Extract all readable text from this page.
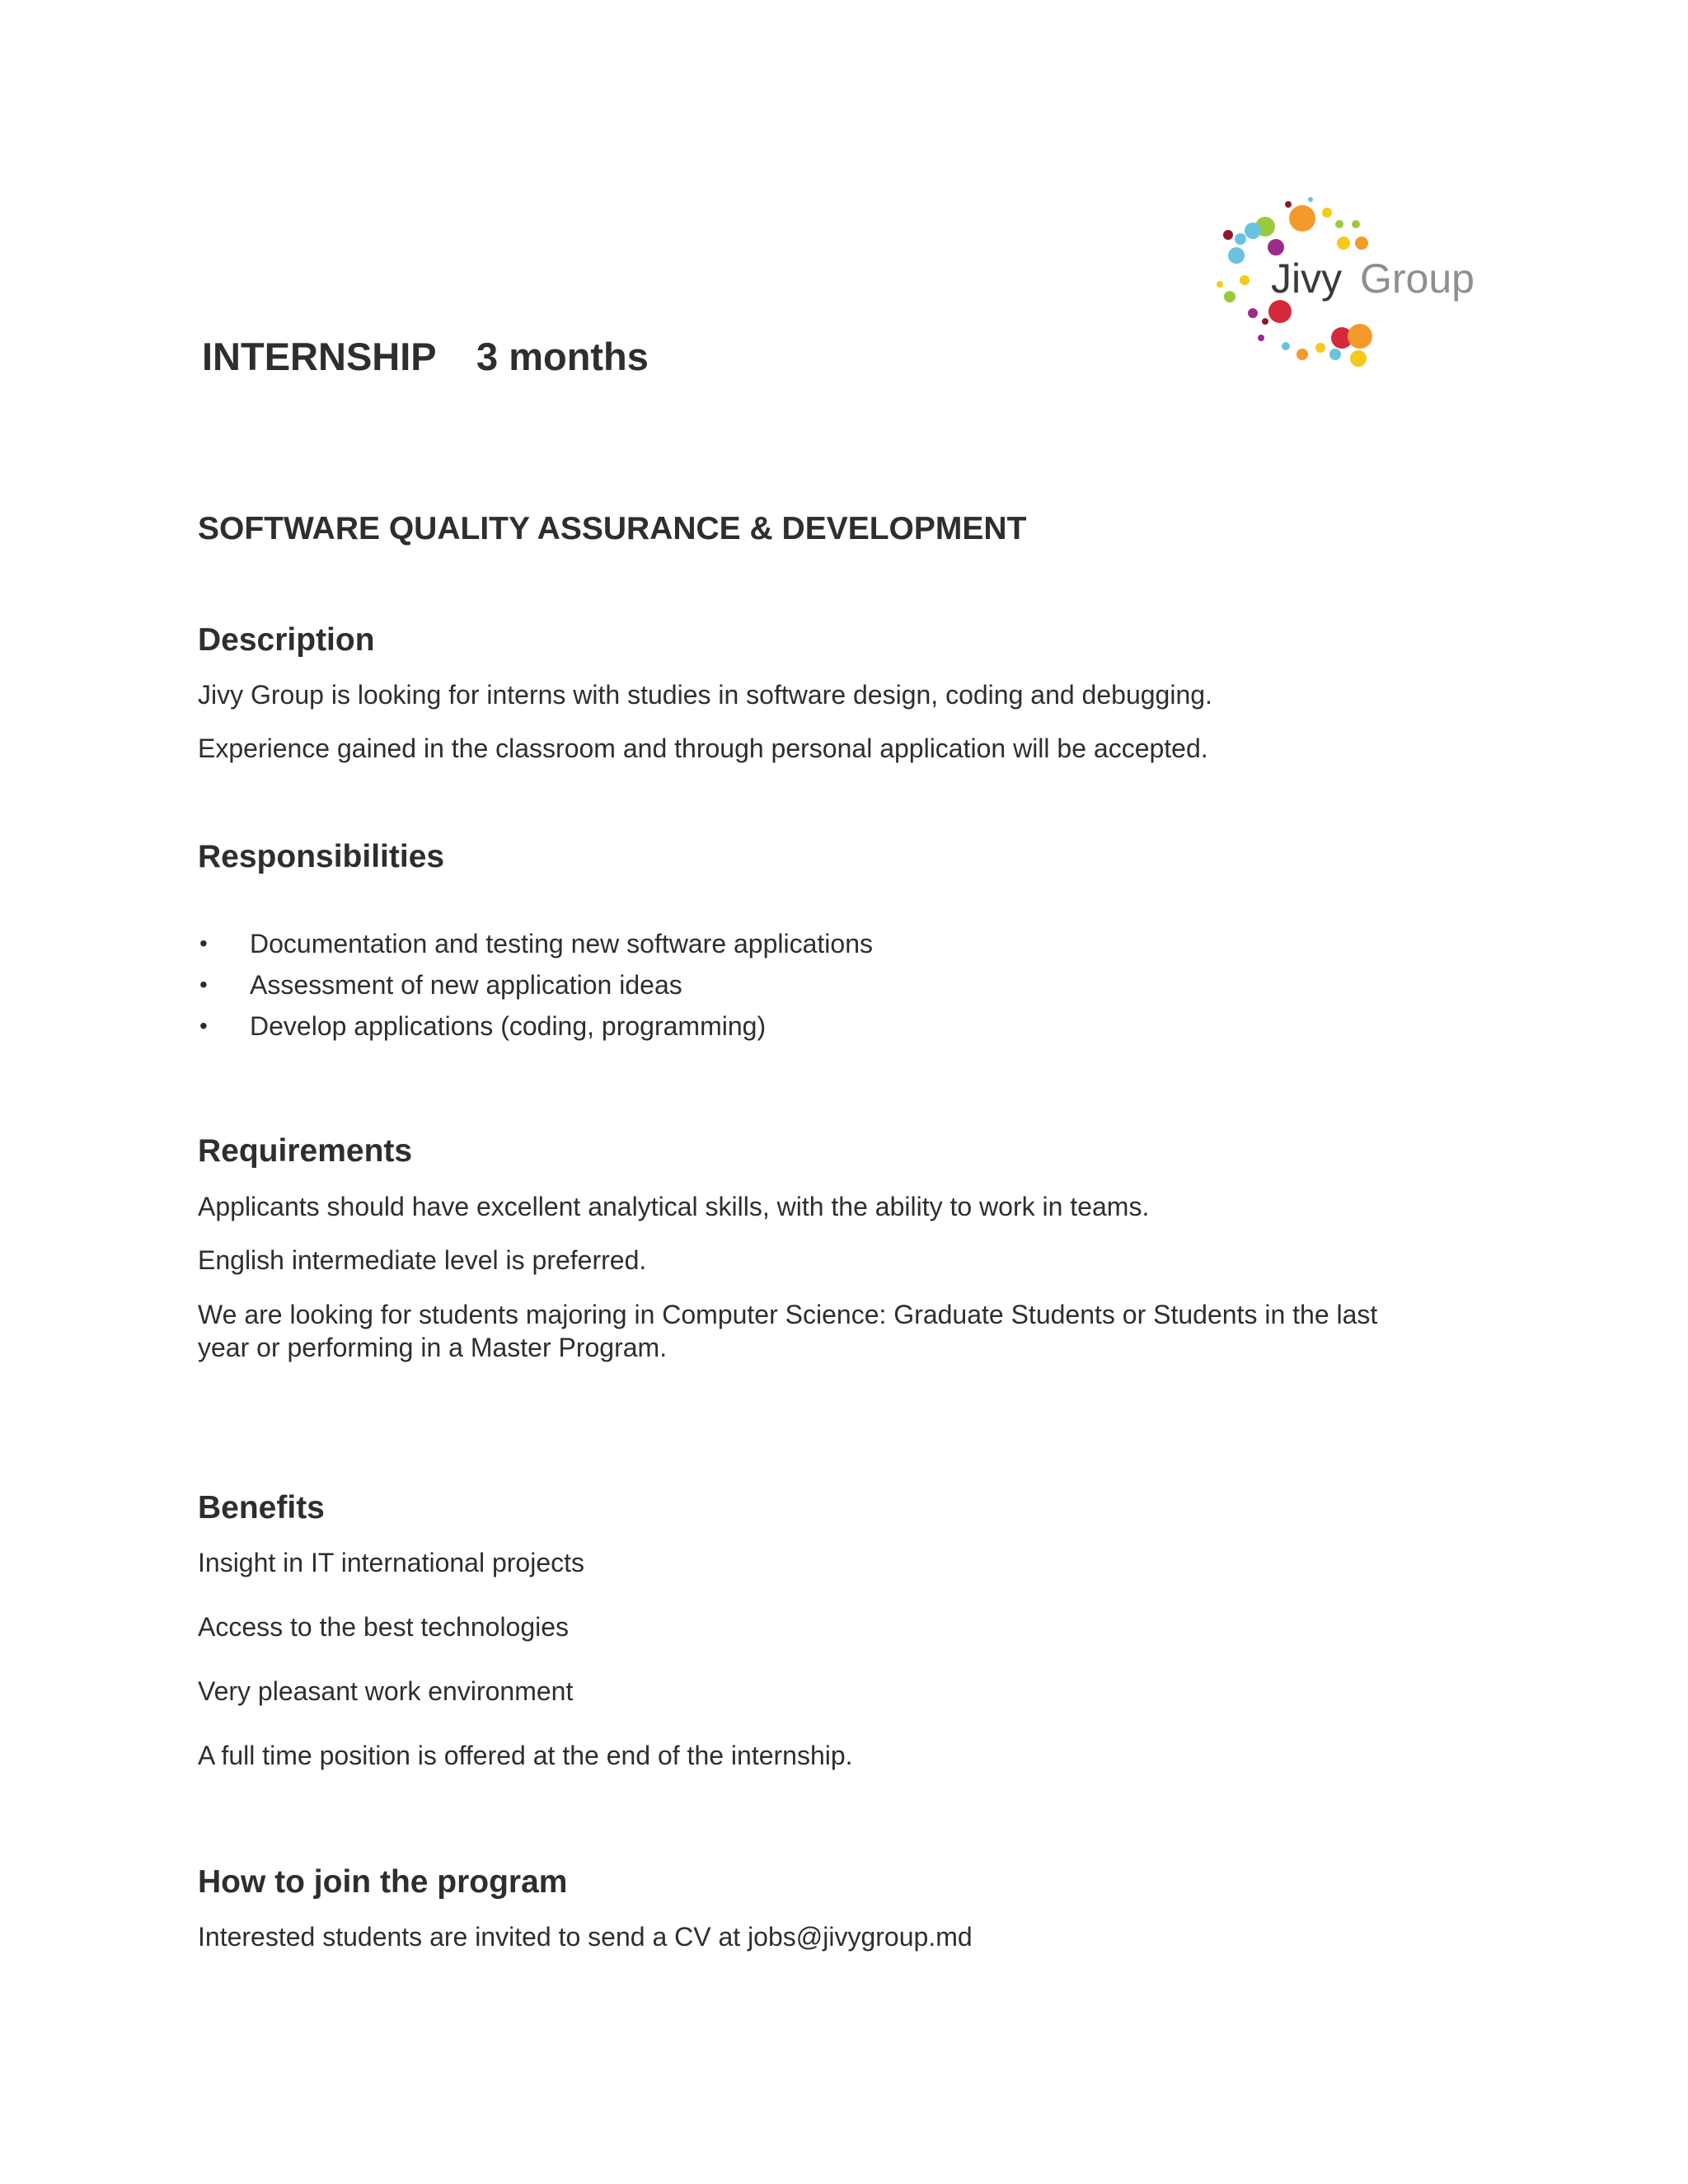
Jivy Group
INTERNSHIP 3 months
SOFTWARE QUALITY ASSURANCE & DEVELOPMENT
Description
Jivy Group is looking for interns with studies in software design, coding and debugging.
Experience gained in the classroom and through personal application will be accepted.
Responsibilities
• Documentation and testing new software applications
• Assessment of new application ideas
• Develop applications (coding, programming)
Requirements
Applicants should have excellent analytical skills, with the ability to work in teams.
English intermediate level is preferred.
We are looking for students majoring in Computer Science: Graduate Students or Students in the last
year or performing in a Master Program.
Benefits
Insight in IT international projects
Access to the best technologies
Very pleasant work environment
A full time position is offered at the end of the internship.
How to join the program
Interested students are invited to send a CV at jobs@jivygroup.md
